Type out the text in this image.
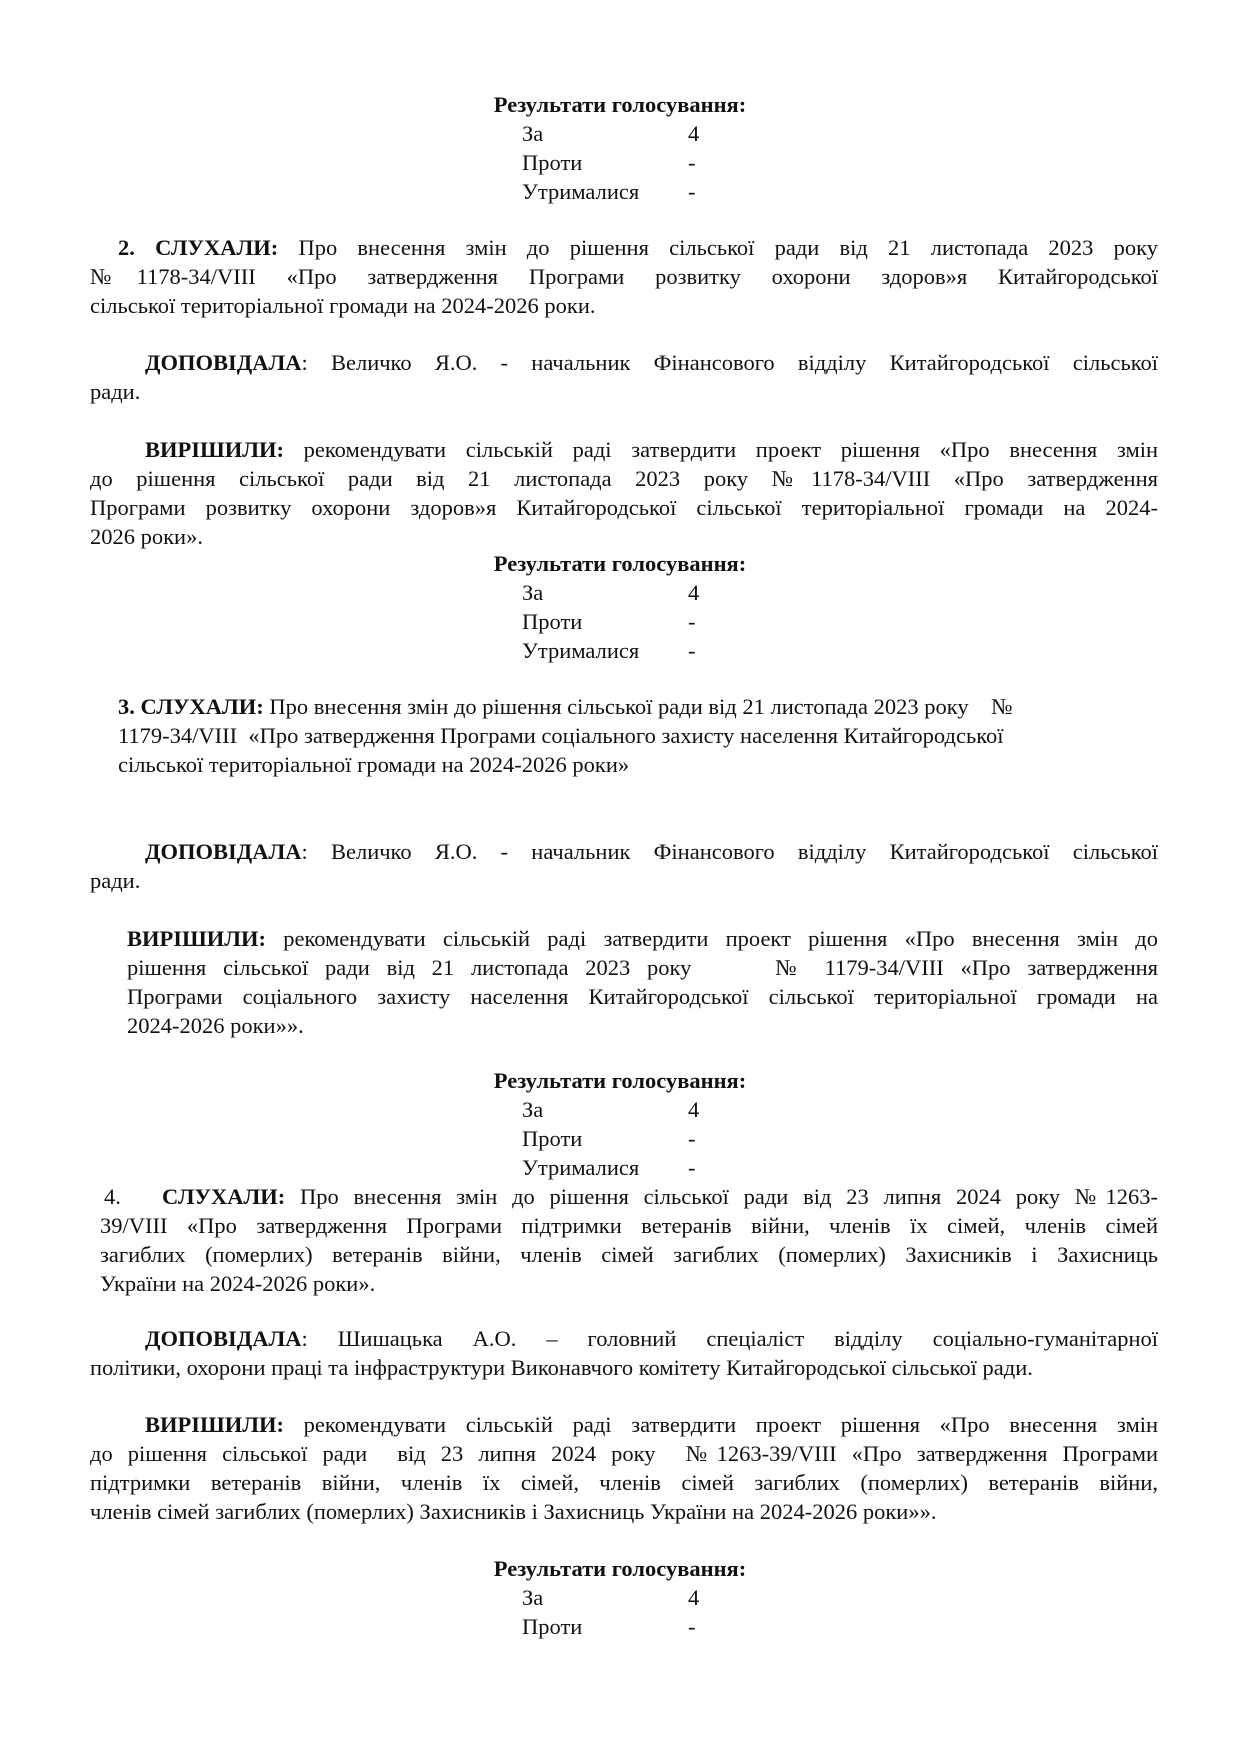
Результати голосування:
За	4
Проти	-
Утрималися -
2. СЛУХАЛИ: Про внесення змін до рішення сільської ради від 21 листопада 2023 року
№1178-34/VIII «Про затвердження Програми розвитку охорони здоров»я Китайгородської
сільської територіальної громади на 2024-2026 роки.
ДОПОВІДАЛА: Величко Я.О. - начальник Фінансового відділу Китайгородської сільської
ради.
ВИРІШИЛИ: рекомендувати сільській раді затвердити проект рішення «Про внесення змін
до рішення сільської ради від 21 листопада 2023 року №1178-34/VIII «Про затвердження
Програми розвитку охорони здоров»я Китайгородської сільської територіальної громади на 2024-
2026 роки».
Результати голосування:
За	4
Проти	-
Утрималися -
3. СЛУХАЛИ: Про внесення змін до рішення сільської ради від 21 листопада 2023 року    №
1179-34/VIII  «Про затвердження Програми соціального захисту населення Китайгородської
сільської територіальної громади на 2024-2026 роки»
ДОПОВІДАЛА: Величко Я.О. - начальник Фінансового відділу Китайгородської сільської
ради.
ВИРІШИЛИ: рекомендувати сільській раді затвердити проект рішення «Про внесення змін до
рішення сільської ради від 21 листопада 2023 року     № 1179-34/VIII «Про затвердження
Програми соціального захисту населення Китайгородської сільської територіальної громади на
2024-2026 роки»».
Результати голосування:
За	4
Проти	-
Утрималися -
4. СЛУХАЛИ: Про внесення змін до рішення сільської ради від 23 липня 2024 року №1263-
39/VIII «Про затвердження Програми підтримки ветеранів війни, членів їх сімей, членів сімей
загиблих (померлих) ветеранів війни, членів сімей загиблих (померлих) Захисників і Захисниць
України на 2024-2026 роки».
ДОПОВІДАЛА: Шишацька А.О. – головний спеціаліст відділу соціально-гуманітарної
політики, охорони праці та інфраструктури Виконавчого комітету Китайгородської сільської ради.
ВИРІШИЛИ: рекомендувати сільській раді затвердити проект рішення «Про внесення змін
до рішення сільської ради  від 23 липня 2024 року  №1263-39/VIII «Про затвердження Програми
підтримки ветеранів війни, членів їх сімей, членів сімей загиблих (померлих) ветеранів війни,
членів сімей загиблих (померлих) Захисників і Захисниць України на 2024-2026 роки»».
Результати голосування:
За	4
Проти	-
